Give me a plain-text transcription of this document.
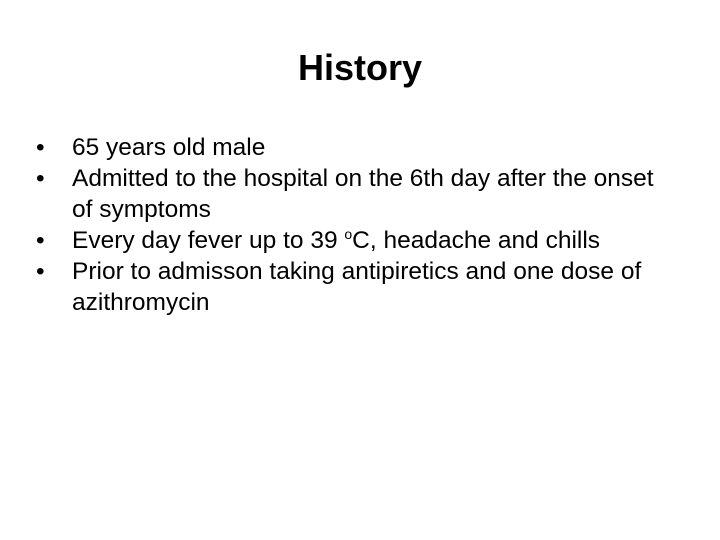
History
•	65 years old male
•	Admitted to the hospital on the 6th day after the onset of symptoms
•	Every day fever up to 39 $^o$C, headache and chills
•	Prior to admisson taking antipiretics and one dose of azithromycin
